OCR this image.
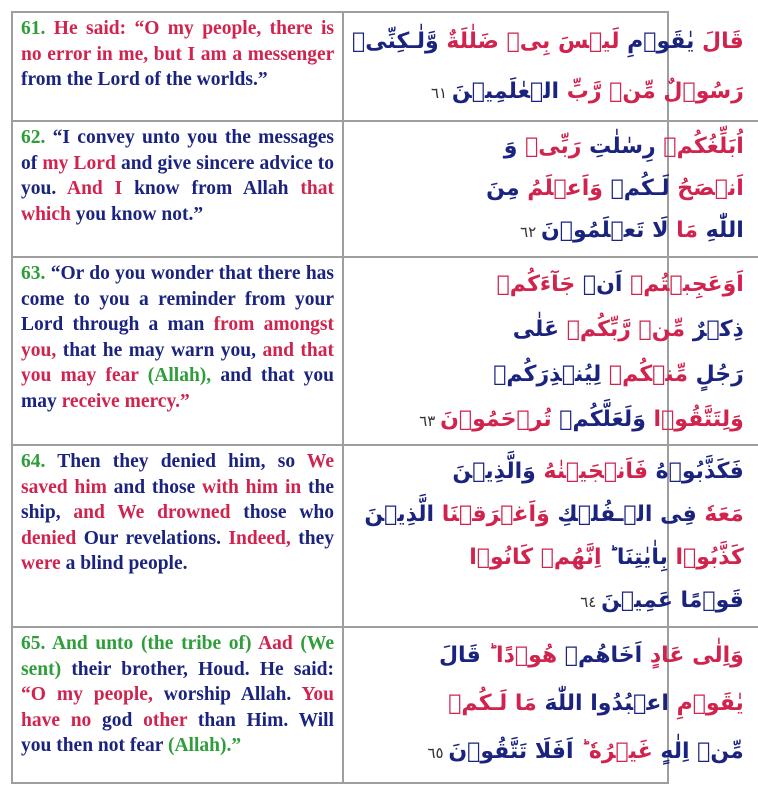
61. He said: “O my people, there is no error in me, but I am a messenger from the Lord of the worlds.”
قَالَ يٰقَوۡمِ لَيۡسَ بِىۡ ضَلٰلَةٌ وَّلٰـكِنِّىۡ
رَسُوۡلٌ مِّنۡ رَّبِّ الۡعٰلَمِيۡنَ ٦١
62. “I convey unto you the messages of my Lord and give sincere advice to you. And I know from Allah that which you know not.”
اُبَلِّغُكُمۡ رِسٰلٰتِ رَبِّىۡ وَ
اَنۡصَحُ لَـكُمۡ وَاَعۡلَمُ مِنَ
اللّٰهِ مَا لَا تَعۡلَمُوۡنَ ٦٢
63. “Or do you wonder that there has come to you a reminder from your Lord through a man from amongst you, that he may warn you, and that you may fear (Allah), and that you may receive mercy.”
اَوَعَجِبۡتُمۡ اَنۡ جَآءَكُمۡ
ذِكۡرٌ مِّنۡ رَّبِّكُمۡ عَلٰى
رَجُلٍ مِّنۡكُمۡ لِيُنۡذِرَكُمۡ
وَلِتَتَّقُوۡا وَلَعَلَّكُمۡ تُرۡحَمُوۡنَ ٦٣
64. Then they denied him, so We saved him and those with him in the ship, and We drowned those who denied Our revelations. Indeed, they were a blind people.
فَكَذَّبُوۡهُ فَاَنۡجَيۡنٰهُ وَالَّذِيۡنَ
مَعَهٗ فِى الۡـفُلۡكِ وَاَغۡرَقۡنَا الَّذِيۡنَ
كَذَّبُوۡا بِاٰيٰتِنَا ؕ اِنَّهُمۡ كَانُوۡا
قَوۡمًا عَمِيۡنَ ٦٤
65. And unto (the tribe of) Aad (We sent) their brother, Houd. He said: “O my people, worship Allah. You have no god other than Him. Will you then not fear (Allah).”
وَاِلٰى عَادٍ اَخَاهُمۡ هُوۡدًا ؕ قَالَ
يٰقَوۡمِ اعۡبُدُوا اللّٰهَ مَا لَـكُمۡ
مِّنۡ اِلٰهٍ غَيۡرُهٗ ؕ اَفَلَا تَتَّقُوۡنَ ٦٥
